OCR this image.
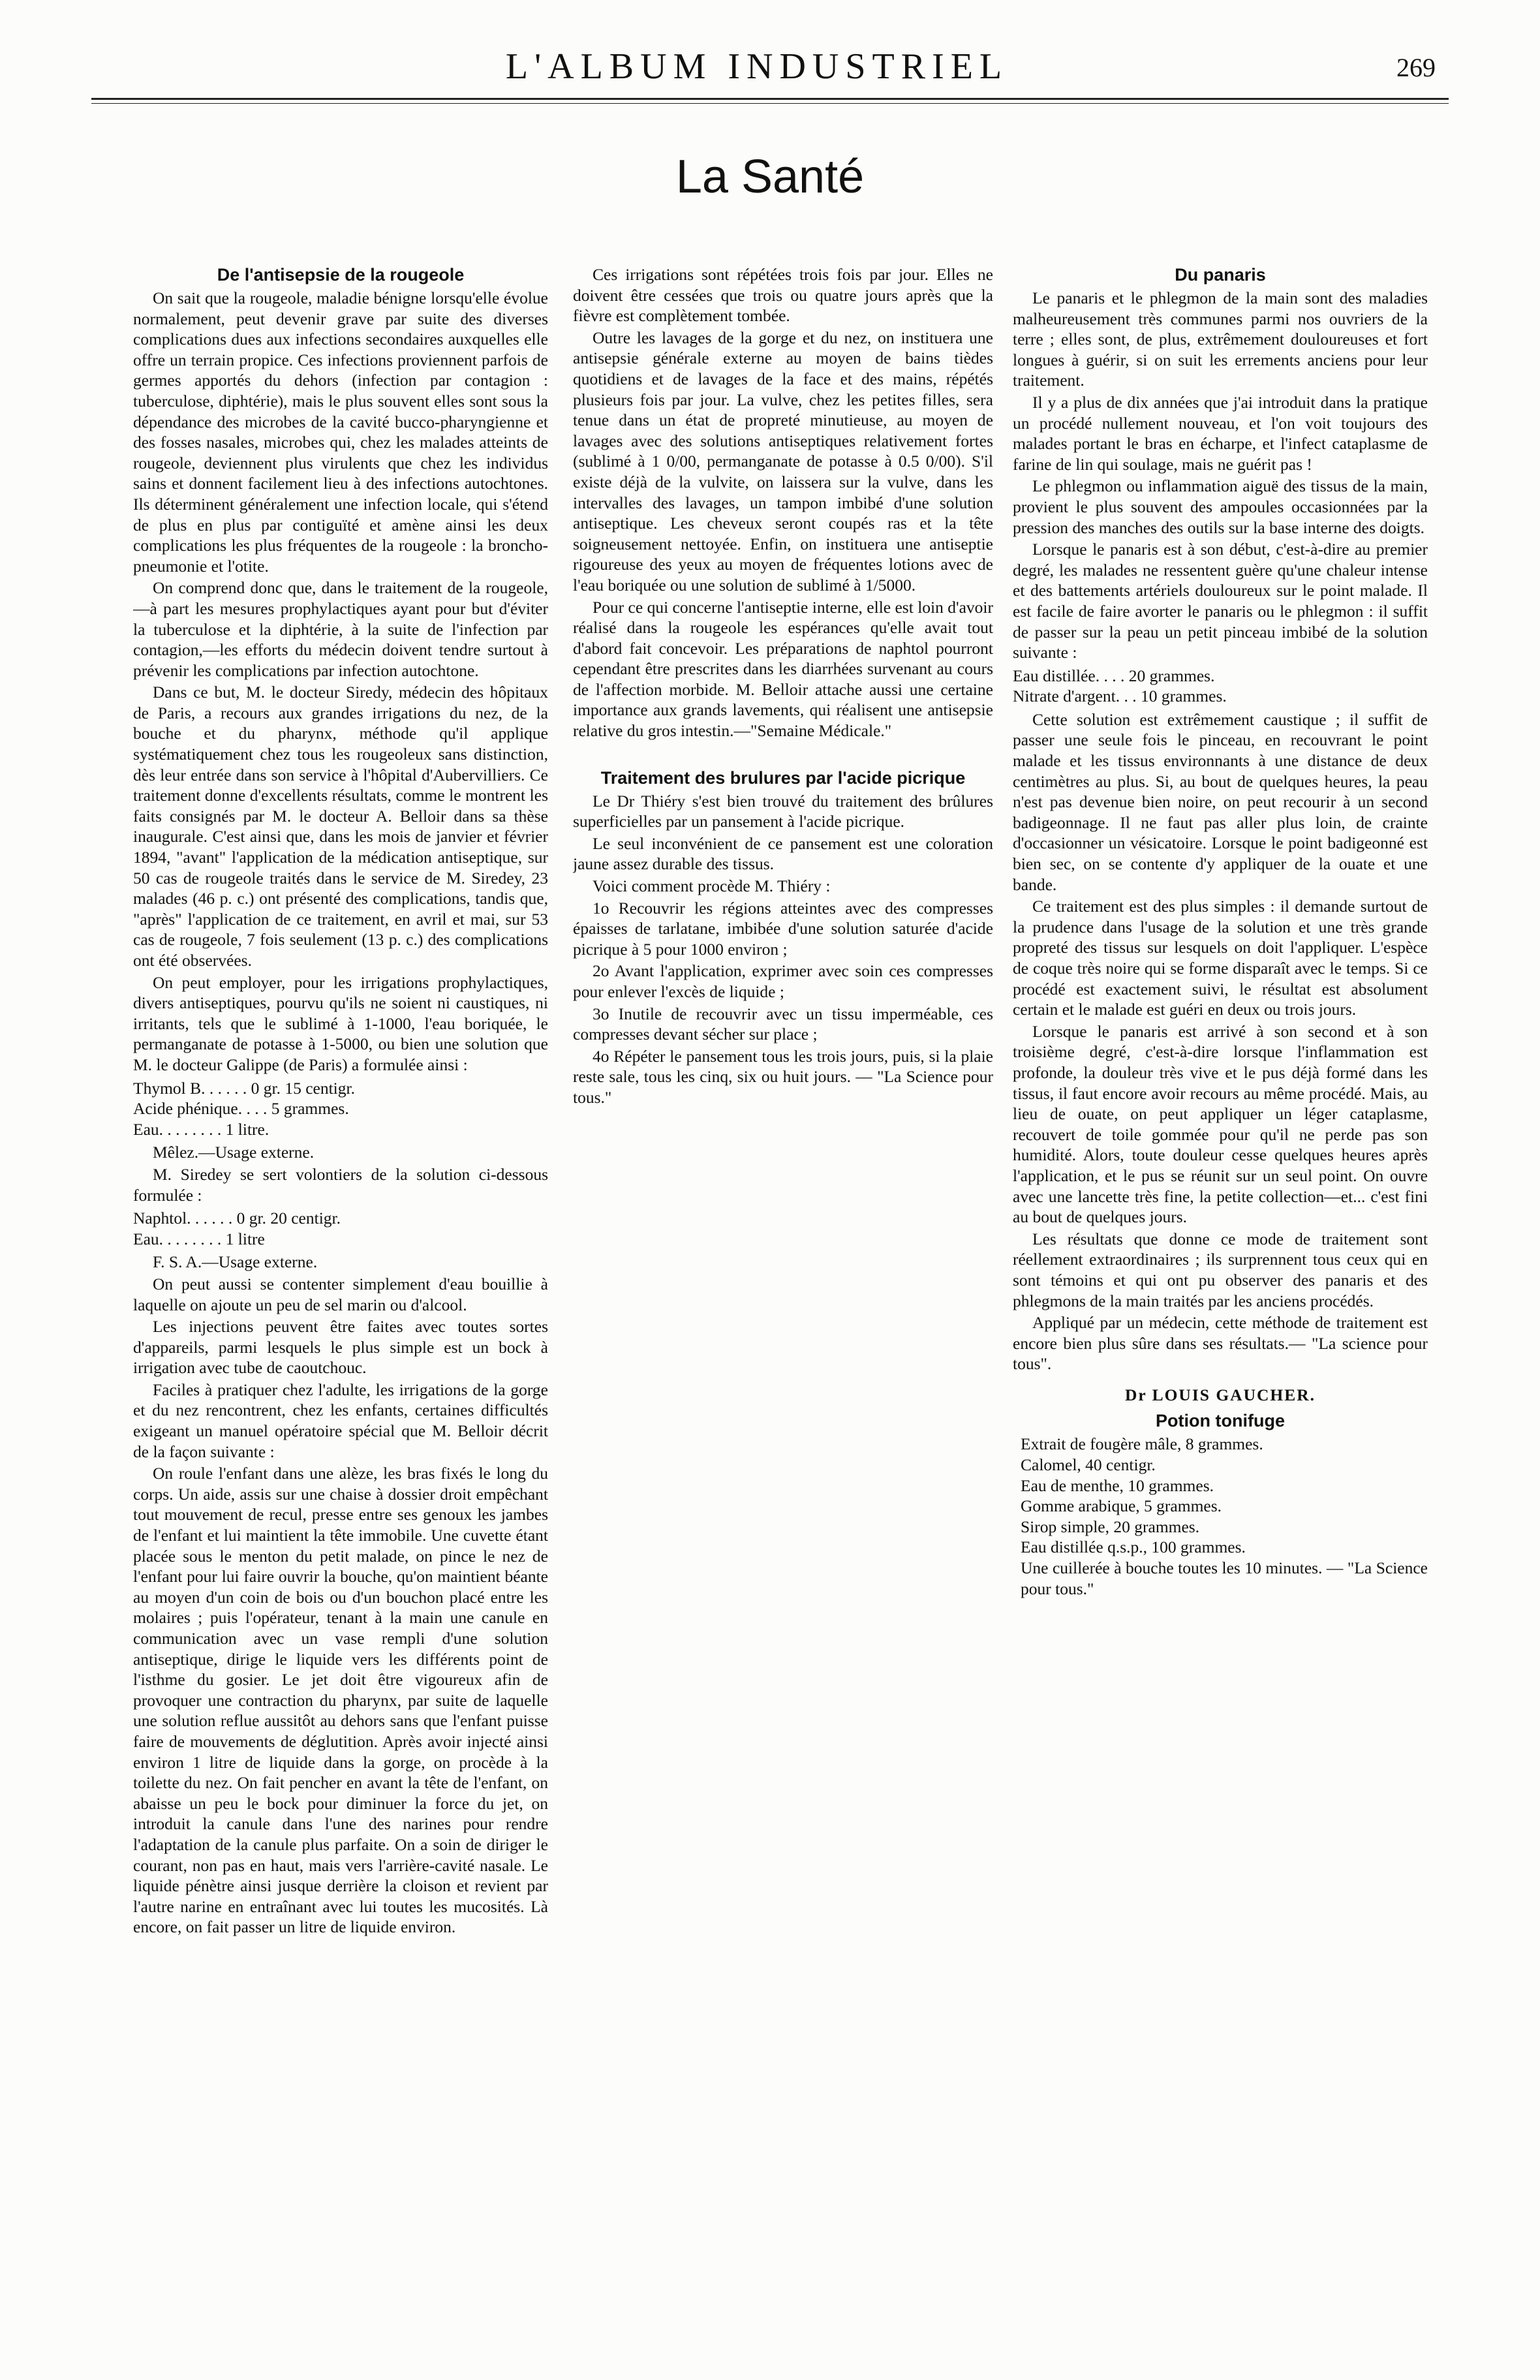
L'ALBUM INDUSTRIEL	269
La Santé
De l'antisepsie de la rougeole

On sait que la rougeole, maladie bénigne lorsqu'elle évolue normalement, peut devenir grave par suite des diverses complications dues aux infections secondaires auxquelles elle offre un terrain propice. Ces infections proviennent parfois de germes apportés du dehors (infection par contagion : tuberculose, diphtérie), mais le plus souvent elles sont sous la dépendance des microbes de la cavité bucco-pharyngienne et des fosses nasales, microbes qui, chez les malades atteints de rougeole, deviennent plus virulents que chez les individus sains et donnent facilement lieu à des infections autochtones. Ils déterminent généralement une infection locale, qui s'étend de plus en plus par contiguïté et amène ainsi les deux complications les plus fréquentes de la rougeole : la broncho-pneumonie et l'otite.

On comprend donc que, dans le traitement de la rougeole,—à part les mesures prophylactiques ayant pour but d'éviter la tuberculose et la diphtérie, à la suite de l'infection par contagion,—les efforts du médecin doivent tendre surtout à prévenir les complications par infection autochtone.

Dans ce but, M. le docteur Siredy, médecin des hôpitaux de Paris, a recours aux grandes irrigations du nez, de la bouche et du pharynx, méthode qu'il applique systématiquement chez tous les rougeoleux sans distinction, dès leur entrée dans son service à l'hôpital d'Aubervilliers. Ce traitement donne d'excellents résultats, comme le montrent les faits consignés par M. le docteur A. Belloir dans sa thèse inaugurale. C'est ainsi que, dans les mois de janvier et février 1894, "avant" l'application de la médication antiseptique, sur 50 cas de rougeole traités dans le service de M. Siredey, 23 malades (46 p. c.) ont présenté des complications, tandis que, "après" l'application de ce traitement, en avril et mai, sur 53 cas de rougeole, 7 fois seulement (13 p. c.) des complications ont été observées.

On peut employer, pour les irrigations prophylactiques, divers antiseptiques, pourvu qu'ils ne soient ni caustiques, ni irritants, tels que le sublimé à 1-1000, l'eau boriquée, le permanganate de potasse à 1-5000, ou bien une solution que M. le docteur Galippe (de Paris) a formulée ainsi :

Thymol B. . . . . . 0 gr. 15 centigr.
Acide phénique. . . . 5 grammes.
Eau. . . . . . . . 1 litre.

Mêlez.—Usage externe.

M. Siredey se sert volontiers de la solution ci-dessous formulée :

Naphtol. . . . . . 0 gr. 20 centigr.
Eau. . . . . . . . 1 litre

F. S. A.—Usage externe.

On peut aussi se contenter simplement d'eau bouillie à laquelle on ajoute un peu de sel marin ou d'alcool.

Les injections peuvent être faites avec toutes sortes d'appareils, parmi lesquels le plus simple est un bock à irrigation avec tube de caoutchouc.

Faciles à pratiquer chez l'adulte, les irrigations de la gorge et du nez rencontrent, chez les enfants, certaines difficultés exigeant un manuel opératoire spécial que M. Belloir décrit de la façon suivante :

On roule l'enfant dans une alèze, les bras fixés le long du corps. Un aide, assis sur une chaise à dossier droit empêchant tout mouvement de recul, presse entre ses genoux les jambes de l'enfant et lui maintient la tête immobile. Une cuvette étant placée sous le menton du petit malade, on pince le nez de l'enfant pour lui faire ouvrir la bouche, qu'on maintient béante au moyen d'un coin de bois ou d'un bouchon placé entre les molaires ; puis l'opérateur, tenant à la main une canule en communication avec un vase rempli d'une solution antiseptique, dirige le liquide vers les différents point de l'isthme du gosier. Le jet doit être vigoureux afin de provoquer une contraction du pharynx, par suite de laquelle une solution reflue aussitôt au dehors sans que l'enfant puisse faire de mouvements de déglutition. Après avoir injecté ainsi environ 1 litre de liquide dans la gorge, on procède à la toilette du nez. On fait pencher en avant la tête de l'enfant, on abaisse un peu le bock pour diminuer la force du jet, on introduit la canule dans l'une des narines pour rendre l'adaptation de la canule plus parfaite. On a soin de diriger le courant, non pas en haut, mais vers l'arrière-cavité nasale. Le liquide pénètre ainsi jusque derrière la cloison et revient par l'autre narine en entraînant avec lui toutes les mucosités. Là encore, on fait passer un litre de liquide environ.

Ces irrigations sont répétées trois fois par jour. Elles ne doivent être cessées que trois ou quatre jours après que la fièvre est complètement tombée.

Outre les lavages de la gorge et du nez, on instituera une antisepsie générale externe au moyen de bains tièdes quotidiens et de lavages de la face et des mains, répétés plusieurs fois par jour. La vulve, chez les petites filles, sera tenue dans un état de propreté minutieuse, au moyen de lavages avec des solutions antiseptiques relativement fortes (sublimé à 1 0/00, permanganate de potasse à 0.5 0/00). S'il existe déjà de la vulvite, on laissera sur la vulve, dans les intervalles des lavages, un tampon imbibé d'une solution antiseptique. Les cheveux seront coupés ras et la tête soigneusement nettoyée. Enfin, on instituera une antiseptie rigoureuse des yeux au moyen de fréquentes lotions avec de l'eau boriquée ou une solution de sublimé à 1/5000.

Pour ce qui concerne l'antiseptie interne, elle est loin d'avoir réalisé dans la rougeole les espérances qu'elle avait tout d'abord fait concevoir. Les préparations de naphtol pourront cependant être prescrites dans les diarrhées survenant au cours de l'affection morbide. M. Belloir attache aussi une certaine importance aux grands lavements, qui réalisent une antisepsie relative du gros intestin.—"Semaine Médicale."

Traitement des brulures par l'acide picrique

Le Dr Thiéry s'est bien trouvé du traitement des brûlures superficielles par un pansement à l'acide picrique.

Le seul inconvénient de ce pansement est une coloration jaune assez durable des tissus.

Voici comment procède M. Thiéry :

1o Recouvrir les régions atteintes avec des compresses épaisses de tarlatane, imbibée d'une solution saturée d'acide picrique à 5 pour 1000 environ ;

2o Avant l'application, exprimer avec soin ces compresses pour enlever l'excès de liquide ;

3o Inutile de recouvrir avec un tissu imperméable, ces compresses devant sécher sur place ;

4o Répéter le pansement tous les trois jours, puis, si la plaie reste sale, tous les cinq, six ou huit jours. — "La Science pour tous."

Du panaris

Le panaris et le phlegmon de la main sont des maladies malheureusement très communes parmi nos ouvriers de la terre ; elles sont, de plus, extrêmement douloureuses et fort longues à guérir, si on suit les errements anciens pour leur traitement.

Il y a plus de dix années que j'ai introduit dans la pratique un procédé nullement nouveau, et l'on voit toujours des malades portant le bras en écharpe, et l'infect cataplasme de farine de lin qui soulage, mais ne guérit pas !

Le phlegmon ou inflammation aiguë des tissus de la main, provient le plus souvent des ampoules occasionnées par la pression des manches des outils sur la base interne des doigts.

Lorsque le panaris est à son début, c'est-à-dire au premier degré, les malades ne ressentent guère qu'une chaleur intense et des battements artériels douloureux sur le point malade. Il est facile de faire avorter le panaris ou le phlegmon : il suffit de passer sur la peau un petit pinceau imbibé de la solution suivante :

Eau distillée. . . . 20 grammes.
Nitrate d'argent. . . 10 grammes.

Cette solution est extrêmement caustique ; il suffit de passer une seule fois le pinceau, en recouvrant le point malade et les tissus environnants à une distance de deux centimètres au plus. Si, au bout de quelques heures, la peau n'est pas devenue bien noire, on peut recourir à un second badigeonnage. Il ne faut pas aller plus loin, de crainte d'occasionner un vésicatoire. Lorsque le point badigeonné est bien sec, on se contente d'y appliquer de la ouate et une bande.

Ce traitement est des plus simples : il demande surtout de la prudence dans l'usage de la solution et une très grande propreté des tissus sur lesquels on doit l'appliquer. L'espèce de coque très noire qui se forme disparaît avec le temps. Si ce procédé est exactement suivi, le résultat est absolument certain et le malade est guéri en deux ou trois jours.

Lorsque le panaris est arrivé à son second et à son troisième degré, c'est-à-dire lorsque l'inflammation est profonde, la douleur très vive et le pus déjà formé dans les tissus, il faut encore avoir recours au même procédé. Mais, au lieu de ouate, on peut appliquer un léger cataplasme, recouvert de toile gommée pour qu'il ne perde pas son humidité. Alors, toute douleur cesse quelques heures après l'application, et le pus se réunit sur un seul point. On ouvre avec une lancette très fine, la petite collection—et... c'est fini au bout de quelques jours.

Les résultats que donne ce mode de traitement sont réellement extraordinaires ; ils surprennent tous ceux qui en sont témoins et qui ont pu observer des panaris et des phlegmons de la main traités par les anciens procédés.

Appliqué par un médecin, cette méthode de traitement est encore bien plus sûre dans ses résultats.— "La science pour tous".

Dr LOUIS GAUCHER.
Potion tonifuge
Extrait de fougère mâle, 8 grammes.
Calomel, 40 centigr.
Eau de menthe, 10 grammes.
Gomme arabique, 5 grammes.
Sirop simple, 20 grammes.
Eau distillée q.s.p., 100 grammes.
Une cuillerée à bouche toutes les 10 minutes. — "La Science pour tous."
